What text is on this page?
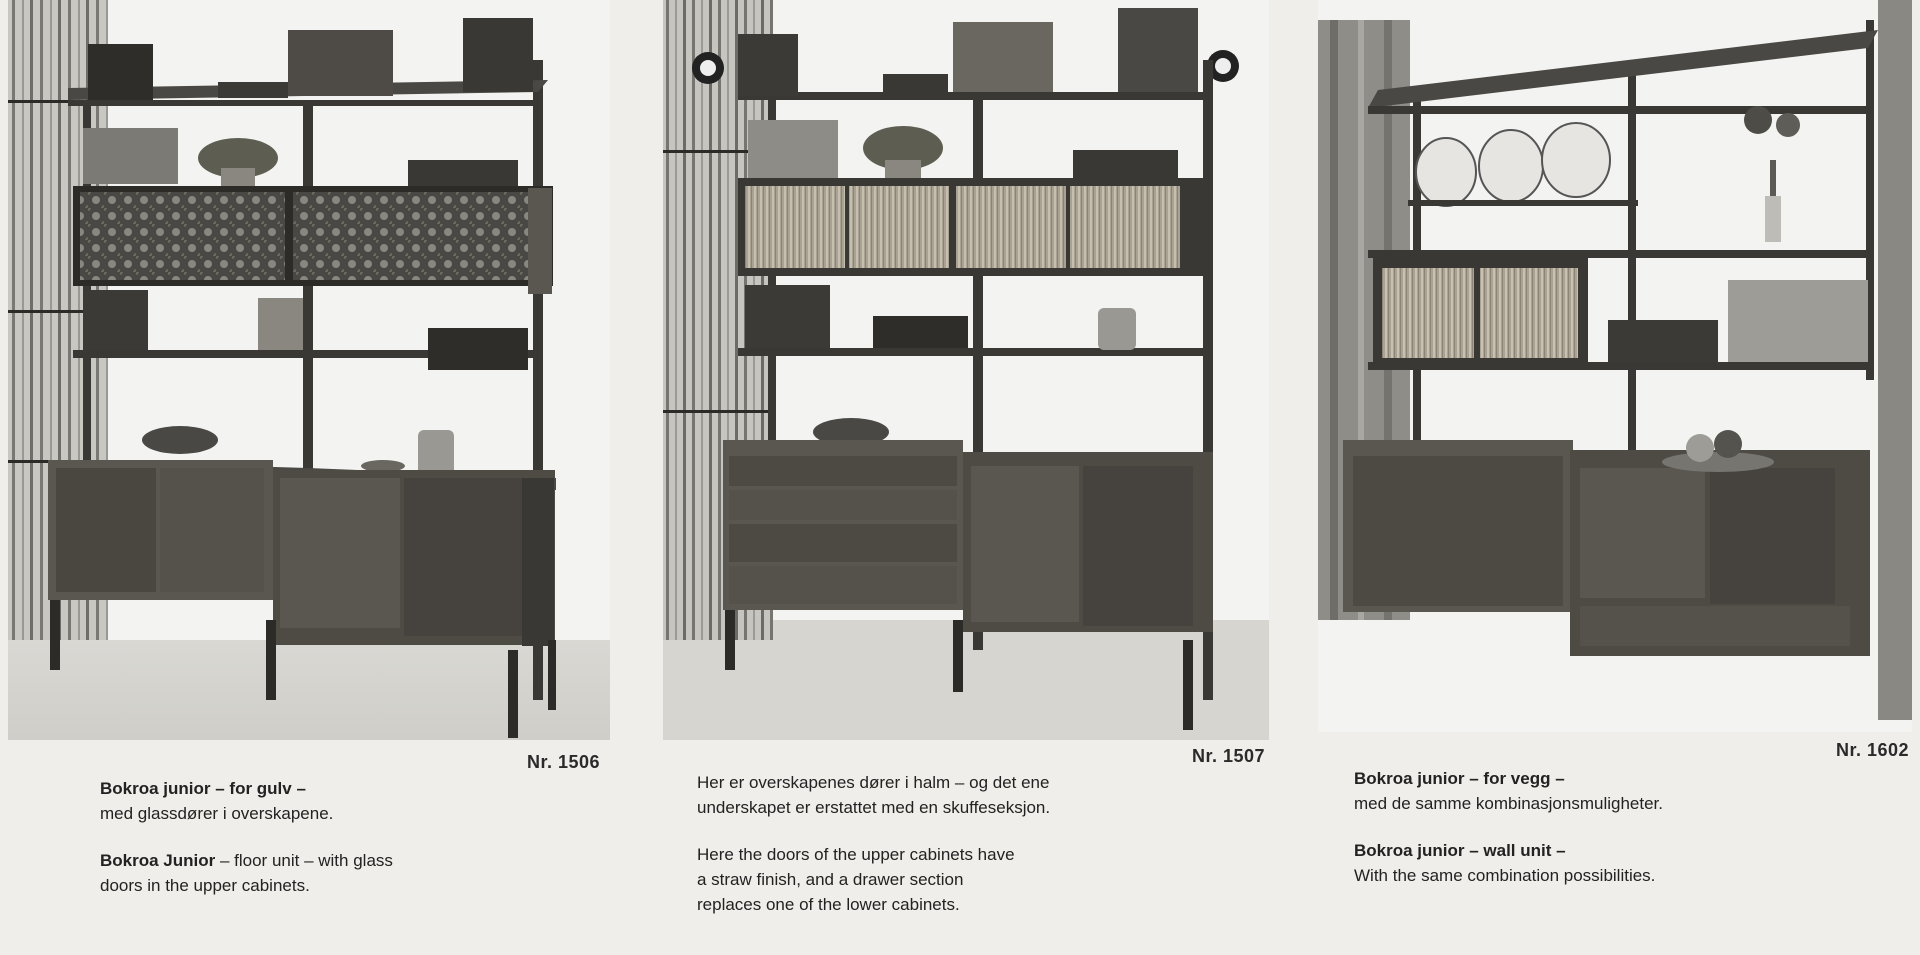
Nr. 1506	Nr. 1507	Nr. 1602

Bokroa junior – for gulv –
med glassdører i overskapene.

Bokroa Junior – floor unit – with glass
doors in the upper cabinets.

Her er overskapenes dører i halm – og det ene
underskapet er erstattet med en skuffeseksjon.

Here the doors of the upper cabinets have
a straw finish, and a drawer section
replaces one of the lower cabinets.

Bokroa junior – for vegg –
med de samme kombinasjonsmuligheter.

Bokroa junior – wall unit –
With the same combination possibilities.
